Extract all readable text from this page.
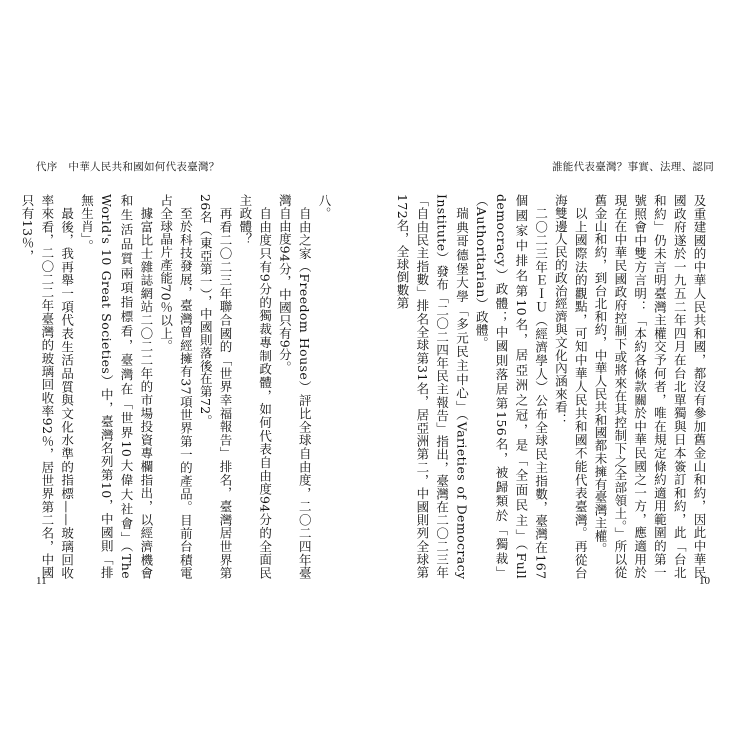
代序　中華人民共和國如何代表臺灣？

八。

自由之家（Freedom House）評比全球自由度，二〇二四年臺灣自由度94分，中國只有9分。

自由度只有9分的獨裁專制政體，如何代表自由度94分的全面民主政體？

再看二〇二三年聯合國的「世界幸福報告」排名，臺灣居世界第26名（東亞第一），中國則落後在第72。

至於科技發展，臺灣曾經擁有37項世界第一的產品。目前台積電占全球晶片產能70％以上。

據富比士雜誌網站二〇二二年的市場投資專欄指出，以經濟機會和生活品質兩項指標看，臺灣在「世界10大偉大社會」（The World's 10 Great Societies）中，臺灣名列第10，中國則「排無生肖」。

最後，我再舉一項代表生活品質與文化水準的指標——玻璃回收率來看，二〇二二年臺灣的玻璃回收率92％，居世界第二名，中國只有13％，

11
誰能代表臺灣？事實、法理、認同

及重建國的中華人民共和國，都沒有參加舊金山和約，因此中華民國政府遂於一九五二年四月在台北單獨與日本簽訂和約，此「台北和約」仍未言明臺灣主權交予何者，唯在規定條約適用範圍的第一號照會中雙方言明：「本約各條款關於中華民國之一方，應適用於現在在中華民國政府控制下或將來在其控制下之全部領土。」所以從舊金山和約，到台北和約，中華人民共和國都未擁有臺灣主權。

以上國際法的觀點，可知中華人民共和國不能代表臺灣。再從台海雙邊人民的政治經濟與文化內涵來看：

二〇二三年ＥＩＵ（經濟學人）公布全球民主指數，臺灣在167個國家中排名第10名，居亞洲之冠，是「全面民主」（Full democracy）政體；中國則落居第156名，被歸類於「獨裁」（Authoritarian）政體。

瑞典哥德堡大學「多元民主中心」（Varieties of Democracy Institute）發布「二〇二四年民主報告」指出，臺灣在二〇二三年「自由民主指數」排名全球第31名，居亞洲第二，中國則列全球第172名，全球倒數第

10
